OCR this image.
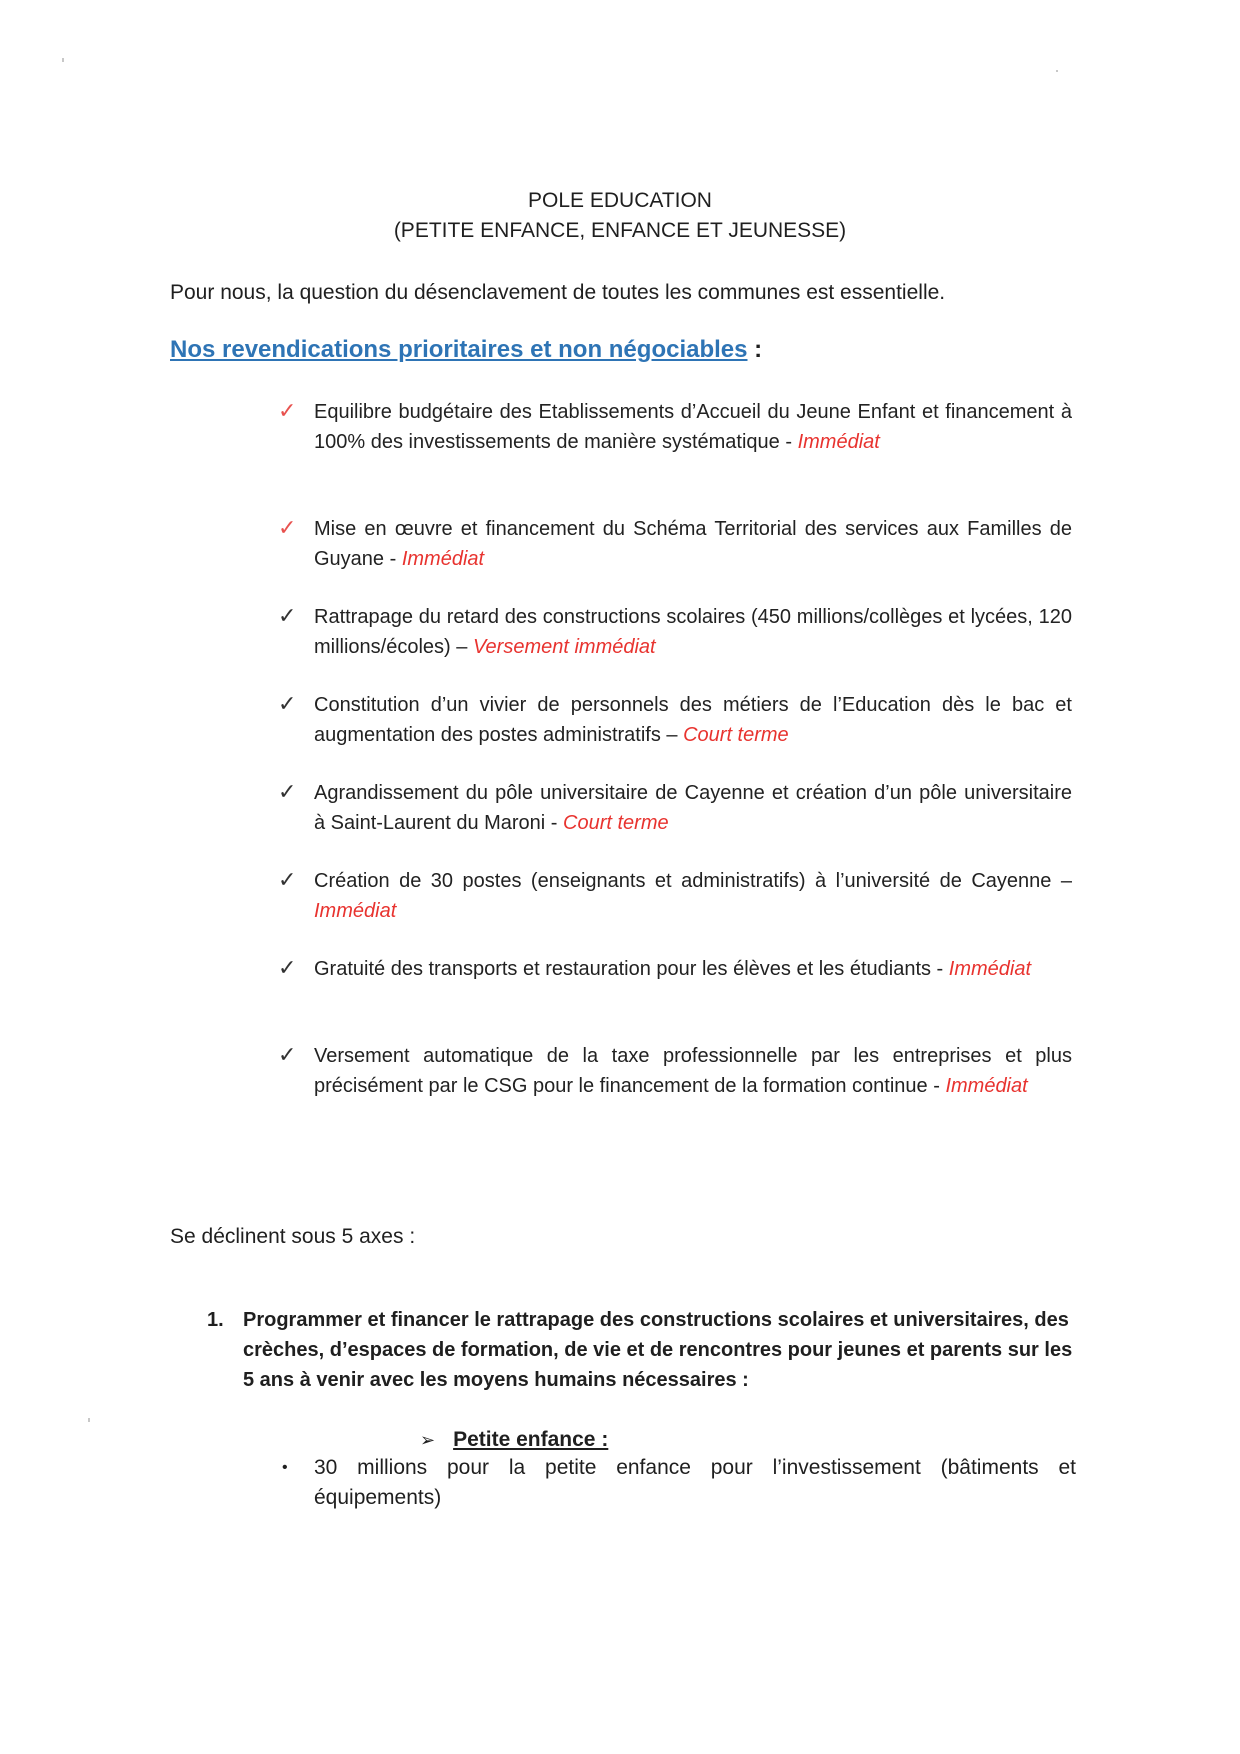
POLE EDUCATION
(PETITE ENFANCE, ENFANCE ET JEUNESSE)
Pour nous, la question du désenclavement de toutes les communes est essentielle.
Nos revendications prioritaires et non négociables :
✓ Equilibre budgétaire des Etablissements d’Accueil du Jeune Enfant et financement à 100% des investissements de manière systématique - Immédiat
✓ Mise en œuvre et financement du Schéma Territorial des services aux Familles de Guyane - Immédiat
✓ Rattrapage du retard des constructions scolaires (450 millions/collèges et lycées, 120 millions/écoles) – Versement immédiat
✓ Constitution d’un vivier de personnels des métiers de l’Education dès le bac et augmentation des postes administratifs – Court terme
✓ Agrandissement du pôle universitaire de Cayenne et création d’un pôle universitaire à Saint-Laurent du Maroni - Court terme
✓ Création de 30 postes (enseignants et administratifs) à l’université de Cayenne – Immédiat
✓ Gratuité des transports et restauration pour les élèves et les étudiants - Immédiat
✓ Versement automatique de la taxe professionnelle par les entreprises et plus précisément par le CSG pour le financement de la formation continue - Immédiat
Se déclinent sous 5 axes :
1. Programmer et financer le rattrapage des constructions scolaires et universitaires, des crèches, d’espaces de formation, de vie et de rencontres pour jeunes et parents sur les 5 ans à venir avec les moyens humains nécessaires :
➢ Petite enfance :
• 30 millions pour la petite enfance pour l’investissement (bâtiments et équipements)
